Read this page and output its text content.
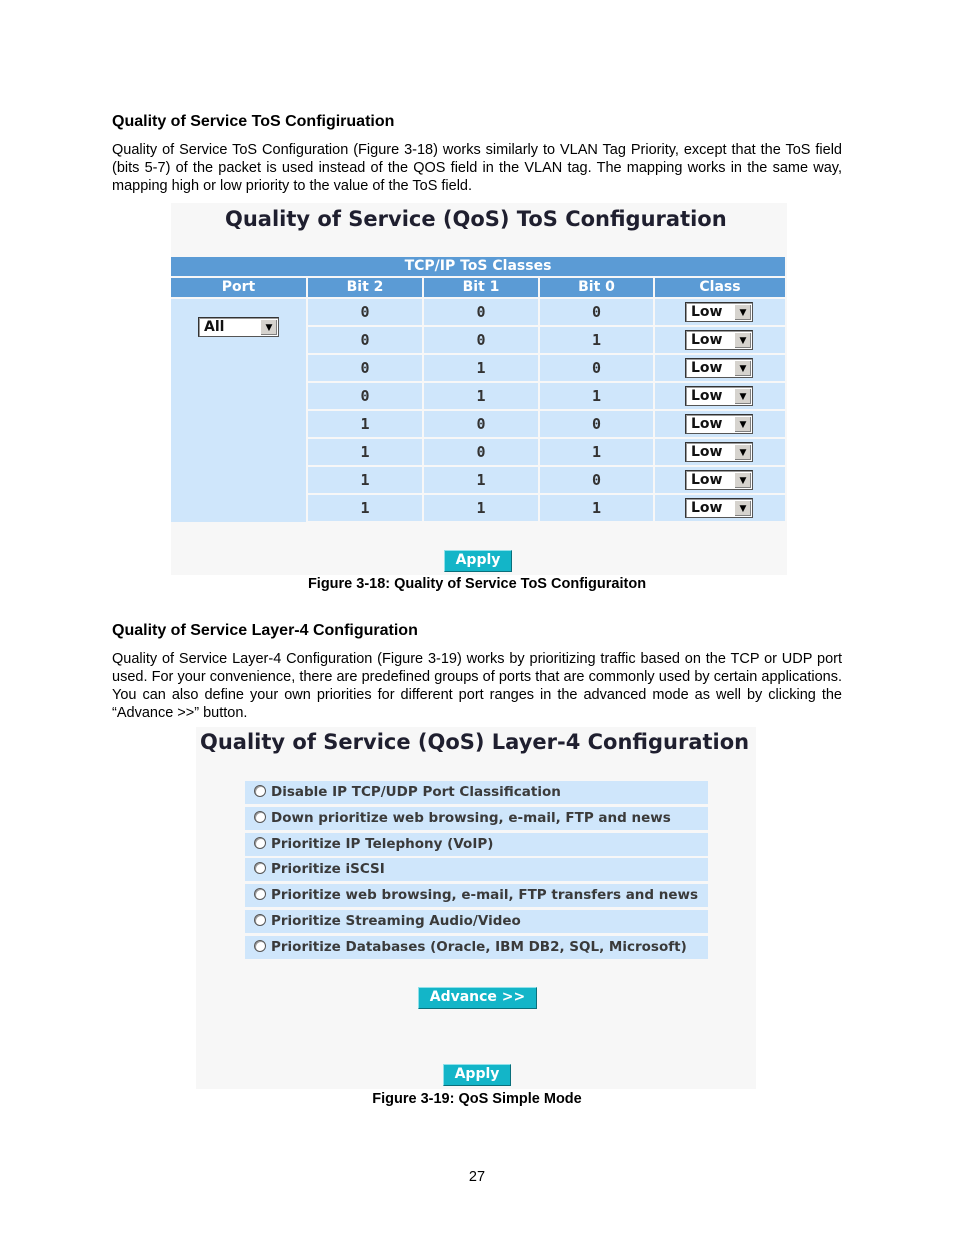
Quality of Service ToS Configiruation
Quality of Service ToS Configuration (Figure 3-18) works similarly to VLAN Tag Priority, except that the ToS field (bits 5-7) of the packet is used instead of the QOS field in the VLAN tag. The mapping works in the same way, mapping high or low priority to the value of the ToS field.
Quality of Service (QoS) ToS Configuration
TCP/IP ToS Classes
Port	Bit 2	Bit 1	Bit 0	Class
All	▼
0	0	0	Low	▼
0	0	1	Low	▼
0	1	0	Low	▼
0	1	1	Low	▼
1	0	0	Low	▼
1	0	1	Low	▼
1	1	0	Low	▼
1	1	1	Low	▼
Apply
Figure 3-18: Quality of Service ToS Configuraiton
Quality of Service Layer-4 Configuration
Quality of Service Layer-4 Configuration (Figure 3-19) works by prioritizing traffic based on the TCP or UDP port used. For your convenience, there are predefined groups of ports that are commonly used by certain applications. You can also define your own priorities for different port ranges in the advanced mode as well by clicking the “Advance >>” button.
Quality of Service (QoS) Layer-4 Configuration
Disable IP TCP/UDP Port Classification
Down prioritize web browsing, e-mail, FTP and news
Prioritize IP Telephony (VoIP)
Prioritize iSCSI
Prioritize web browsing, e-mail, FTP transfers and news
Prioritize Streaming Audio/Video
Prioritize Databases (Oracle, IBM DB2, SQL, Microsoft)
Advance >>
Apply
Figure 3-19: QoS Simple Mode
27
